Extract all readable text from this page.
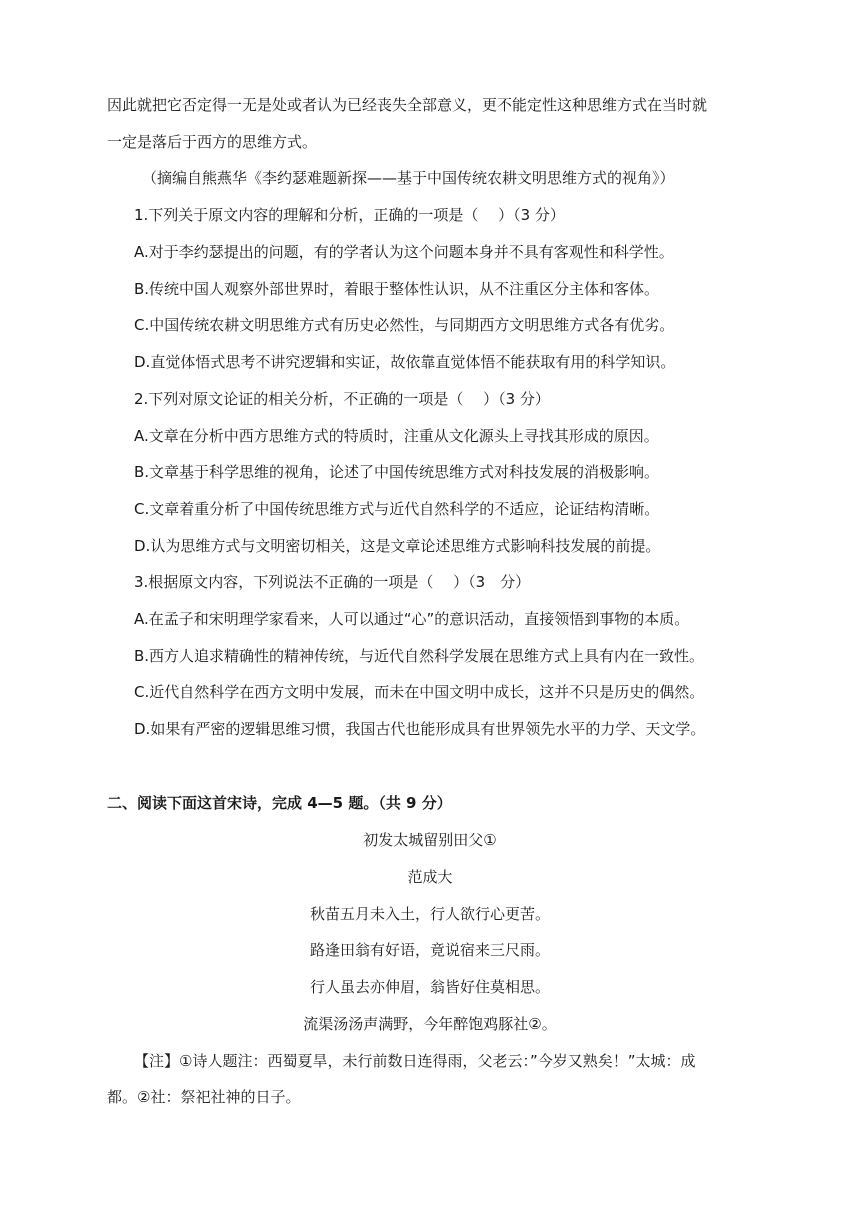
因此就把它否定得一无是处或者认为已经丧失全部意义，更不能定性这种思维方式在当时就
一定是落后于西方的思维方式。
（摘编自熊燕华《李约瑟难题新探——基于中国传统农耕文明思维方式的视角》）
1.下列关于原文内容的理解和分析，正确的一项是（　 ）（3 分）
A.对于李约瑟提出的问题，有的学者认为这个问题本身并不具有客观性和科学性。
B.传统中国人观察外部世界时，着眼于整体性认识，从不注重区分主体和客体。
C.中国传统农耕文明思维方式有历史必然性，与同期西方文明思维方式各有优劣。
D.直觉体悟式思考不讲究逻辑和实证，故依靠直觉体悟不能获取有用的科学知识。
2.下列对原文论证的相关分析，不正确的一项是（　 ）（3 分）
A.文章在分析中西方思维方式的特质时，注重从文化源头上寻找其形成的原因。
B.文章基于科学思维的视角，论述了中国传统思维方式对科技发展的消极影响。
C.文章着重分析了中国传统思维方式与近代自然科学的不适应，论证结构清晰。
D.认为思维方式与文明密切相关，这是文章论述思维方式影响科技发展的前提。
3.根据原文内容，下列说法不正确的一项是（　 ）（3　分）
A.在孟子和宋明理学家看来，人可以通过“心”的意识活动，直接领悟到事物的本质。
B.西方人追求精确性的精神传统，与近代自然科学发展在思维方式上具有内在一致性。
C.近代自然科学在西方文明中发展，而未在中国文明中成长，这并不只是历史的偶然。
D.如果有严密的逻辑思维习惯，我国古代也能形成具有世界领先水平的力学、天文学。
二、阅读下面这首宋诗，完成 4—5 题。（共 9 分）
初发太城留别田父①
范成大
秋苗五月未入土，行人欲行心更苦。
路逢田翁有好语，竟说宿来三尺雨。
行人虽去亦伸眉，翁皆好住莫相思。
流渠汤汤声满野，今年醉饱鸡豚社②。
【注】①诗人题注：西蜀夏旱，未行前数日连得雨，父老云：”今岁又熟矣！”太城：成
都。②社：祭祀社神的日子。
